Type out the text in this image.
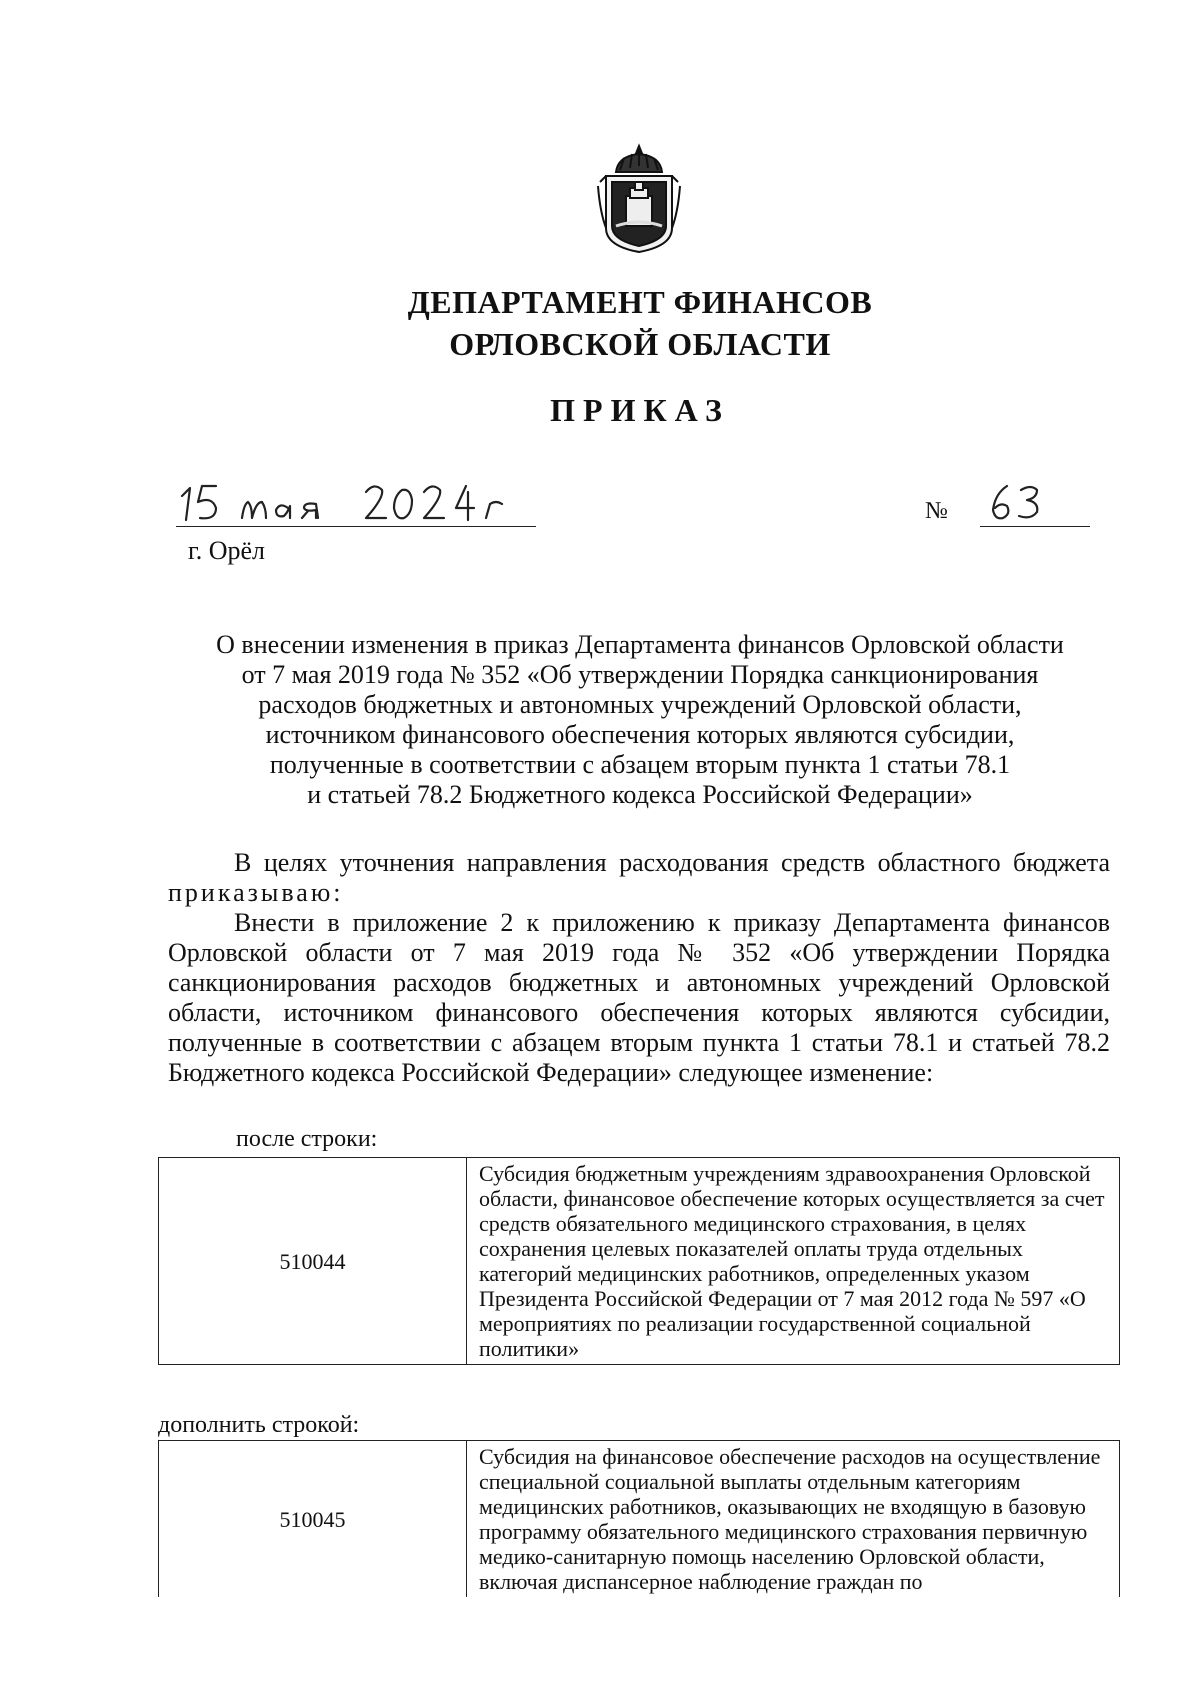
ДЕПАРТАМЕНТ ФИНАНСОВ
ОРЛОВСКОЙ ОБЛАСТИ
ПРИКАЗ
№
г. Орёл
О внесении изменения в приказ Департамента финансов Орловской области
от 7 мая 2019 года № 352 «Об утверждении Порядка санкционирования
расходов бюджетных и автономных учреждений Орловской области,
источником финансового обеспечения которых являются субсидии,
полученные в соответствии с абзацем вторым пункта 1 статьи 78.1
и статьей 78.2 Бюджетного кодекса Российской Федерации»
В целях уточнения направления расходования средств областного бюджета приказываю:
Внести в приложение 2 к приложению к приказу Департамента финансов Орловской области от 7 мая 2019 года № 352 «Об утверждении Порядка санкционирования расходов бюджетных и автономных учреждений Орловской области, источником финансового обеспечения которых являются субсидии, полученные в соответствии с абзацем вторым пункта 1 статьи 78.1 и статьей 78.2 Бюджетного кодекса Российской Федерации» следующее изменение:
после строки:
510044	Субсидия бюджетным учреждениям здравоохранения Орловской области, финансовое обеспечение которых осуществляется за счет средств обязательного медицинского страхования, в целях сохранения целевых показателей оплаты труда отдельных категорий медицинских работников, определенных указом Президента Российской Федерации от 7 мая 2012 года № 597 «О мероприятиях по реализации государственной социальной политики»
дополнить строкой:
510045	Субсидия на финансовое обеспечение расходов на осуществление специальной социальной выплаты отдельным категориям медицинских работников, оказывающих не входящую в базовую программу обязательного медицинского страхования первичную медико-санитарную помощь населению Орловской области, включая диспансерное наблюдение граждан по
